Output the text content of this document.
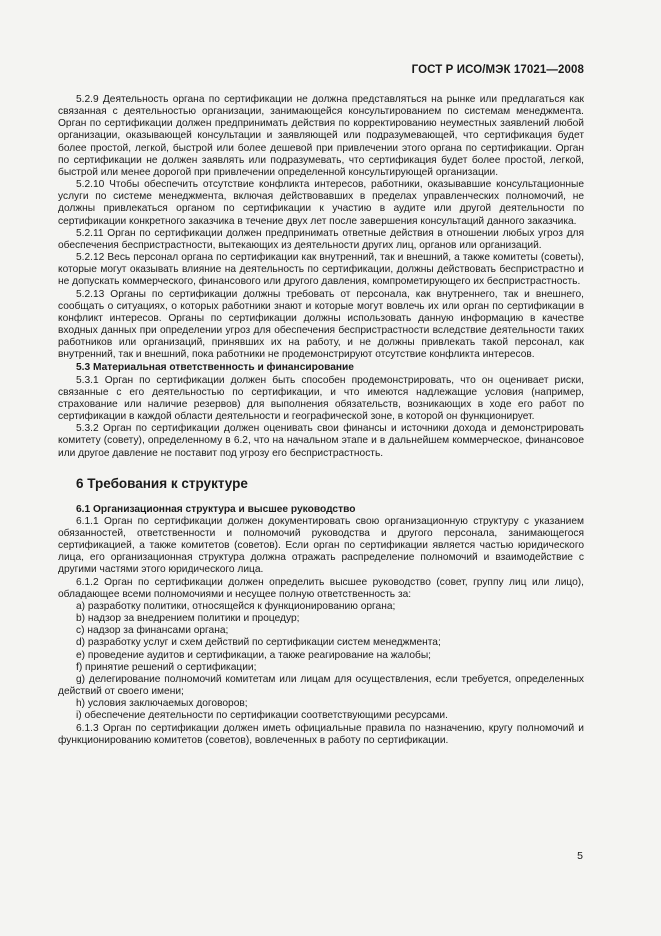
ГОСТ Р ИСО/МЭК 17021—2008

5.2.9 Деятельность органа по сертификации не должна представляться на рынке или предлагаться как связанная с деятельностью организации, занимающейся консультированием по системам менеджмента. Орган по сертификации должен предпринимать действия по корректированию неуместных заявлений любой организации, оказывающей консультации и заявляющей или подразумевающей, что сертификация будет более простой, легкой, быстрой или более дешевой при привлечении этого органа по сертификации. Орган по сертификации не должен заявлять или подразумевать, что сертификация будет более простой, легкой, быстрой или менее дорогой при привлечении определенной консультирующей организации.

5.2.10 Чтобы обеспечить отсутствие конфликта интересов, работники, оказывавшие консультационные услуги по системе менеджмента, включая действовавших в пределах управленческих полномочий, не должны привлекаться органом по сертификации к участию в аудите или другой деятельности по сертификации конкретного заказчика в течение двух лет после завершения консультаций данного заказчика.

5.2.11 Орган по сертификации должен предпринимать ответные действия в отношении любых угроз для обеспечения беспристрастности, вытекающих из деятельности других лиц, органов или организаций.

5.2.12 Весь персонал органа по сертификации как внутренний, так и внешний, а также комитеты (советы), которые могут оказывать влияние на деятельность по сертификации, должны действовать беспристрастно и не допускать коммерческого, финансового или другого давления, компрометирующего их беспристрастность.

5.2.13 Органы по сертификации должны требовать от персонала, как внутреннего, так и внешнего, сообщать о ситуациях, о которых работники знают и которые могут вовлечь их или орган по сертификации в конфликт интересов. Органы по сертификации должны использовать данную информацию в качестве входных данных при определении угроз для обеспечения беспристрастности вследствие деятельности таких работников или организаций, принявших их на работу, и не должны привлекать такой персонал, как внутренний, так и внешний, пока работники не продемонстрируют отсутствие конфликта интересов.

5.3 Материальная ответственность и финансирование

5.3.1 Орган по сертификации должен быть способен продемонстрировать, что он оценивает риски, связанные с его деятельностью по сертификации, и что имеются надлежащие условия (например, страхование или наличие резервов) для выполнения обязательств, возникающих в ходе его работ по сертификации в каждой области деятельности и географической зоне, в которой он функционирует.

5.3.2 Орган по сертификации должен оценивать свои финансы и источники дохода и демонстрировать комитету (совету), определенному в 6.2, что на начальном этапе и в дальнейшем коммерческое, финансовое или другое давление не поставит под угрозу его беспристрастность.

6 Требования к структуре

6.1 Организационная структура и высшее руководство

6.1.1 Орган по сертификации должен документировать свою организационную структуру с указанием обязанностей, ответственности и полномочий руководства и другого персонала, занимающегося сертификацией, а также комитетов (советов). Если орган по сертификации является частью юридического лица, его организационная структура должна отражать распределение полномочий и взаимодействие с другими частями этого юридического лица.

6.1.2 Орган по сертификации должен определить высшее руководство (совет, группу лиц или лицо), обладающее всеми полномочиями и несущее полную ответственность за:

a) разработку политики, относящейся к функционированию органа;

b) надзор за внедрением политики и процедур;

c) надзор за финансами органа;

d) разработку услуг и схем действий по сертификации систем менеджмента;

e) проведение аудитов и сертификации, а также реагирование на жалобы;

f) принятие решений о сертификации;

g) делегирование полномочий комитетам или лицам для осуществления, если требуется, определенных действий от своего имени;

h) условия заключаемых договоров;

i) обеспечение деятельности по сертификации соответствующими ресурсами.

6.1.3 Орган по сертификации должен иметь официальные правила по назначению, кругу полномочий и функционированию комитетов (советов), вовлеченных в работу по сертификации.

5
